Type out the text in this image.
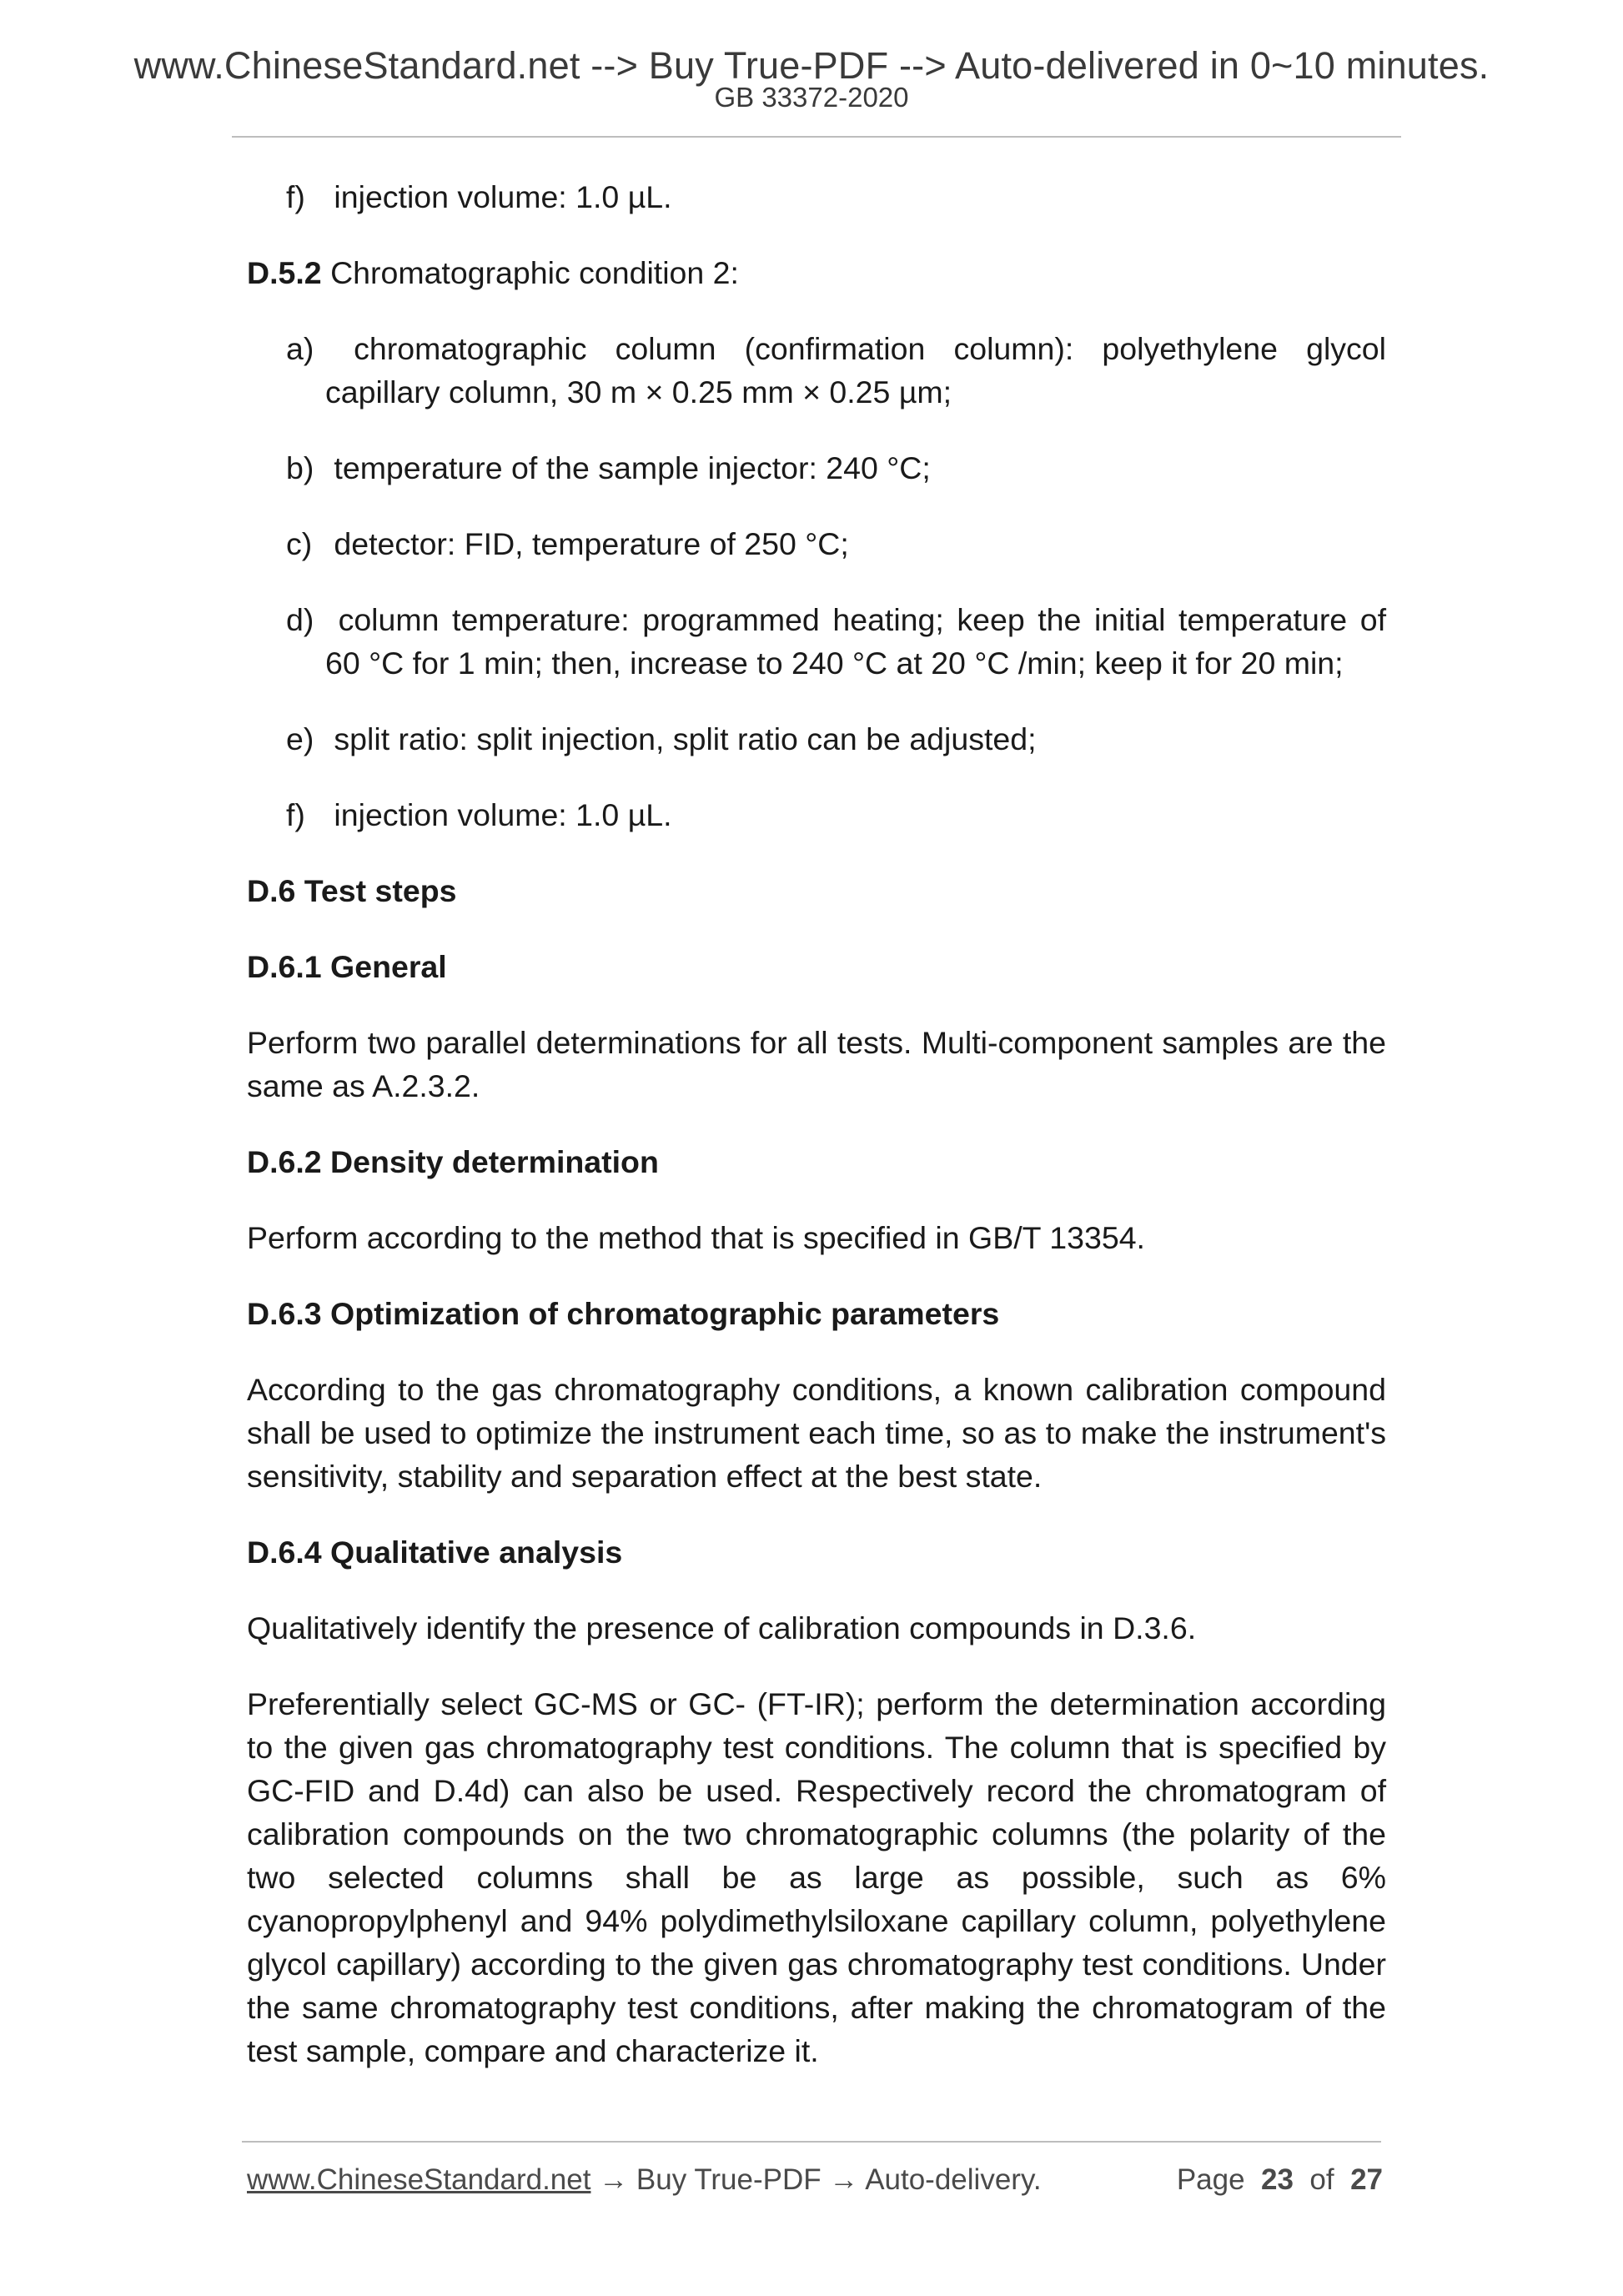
www.ChineseStandard.net --> Buy True-PDF --> Auto-delivered in 0~10 minutes.
GB 33372-2020
f) injection volume: 1.0 µL.
D.5.2 Chromatographic condition 2:
a) chromatographic column (confirmation column): polyethylene glycol capillary column, 30 m × 0.25 mm × 0.25 µm;
b) temperature of the sample injector: 240 °C;
c) detector: FID, temperature of 250 °C;
d) column temperature: programmed heating; keep the initial temperature of 60 °C for 1 min; then, increase to 240 °C at 20 °C /min; keep it for 20 min;
e) split ratio: split injection, split ratio can be adjusted;
f) injection volume: 1.0 µL.
D.6 Test steps
D.6.1 General
Perform two parallel determinations for all tests. Multi-component samples are the same as A.2.3.2.
D.6.2 Density determination
Perform according to the method that is specified in GB/T 13354.
D.6.3 Optimization of chromatographic parameters
According to the gas chromatography conditions, a known calibration compound shall be used to optimize the instrument each time, so as to make the instrument's sensitivity, stability and separation effect at the best state.
D.6.4 Qualitative analysis
Qualitatively identify the presence of calibration compounds in D.3.6.
Preferentially select GC-MS or GC- (FT-IR); perform the determination according to the given gas chromatography test conditions. The column that is specified by GC-FID and D.4d) can also be used. Respectively record the chromatogram of calibration compounds on the two chromatographic columns (the polarity of the two selected columns shall be as large as possible, such as 6% cyanopropylphenyl and 94% polydimethylsiloxane capillary column, polyethylene glycol capillary) according to the given gas chromatography test conditions. Under the same chromatography test conditions, after making the chromatogram of the test sample, compare and characterize it.
www.ChineseStandard.net → Buy True-PDF → Auto-delivery.	Page 23 of 27
